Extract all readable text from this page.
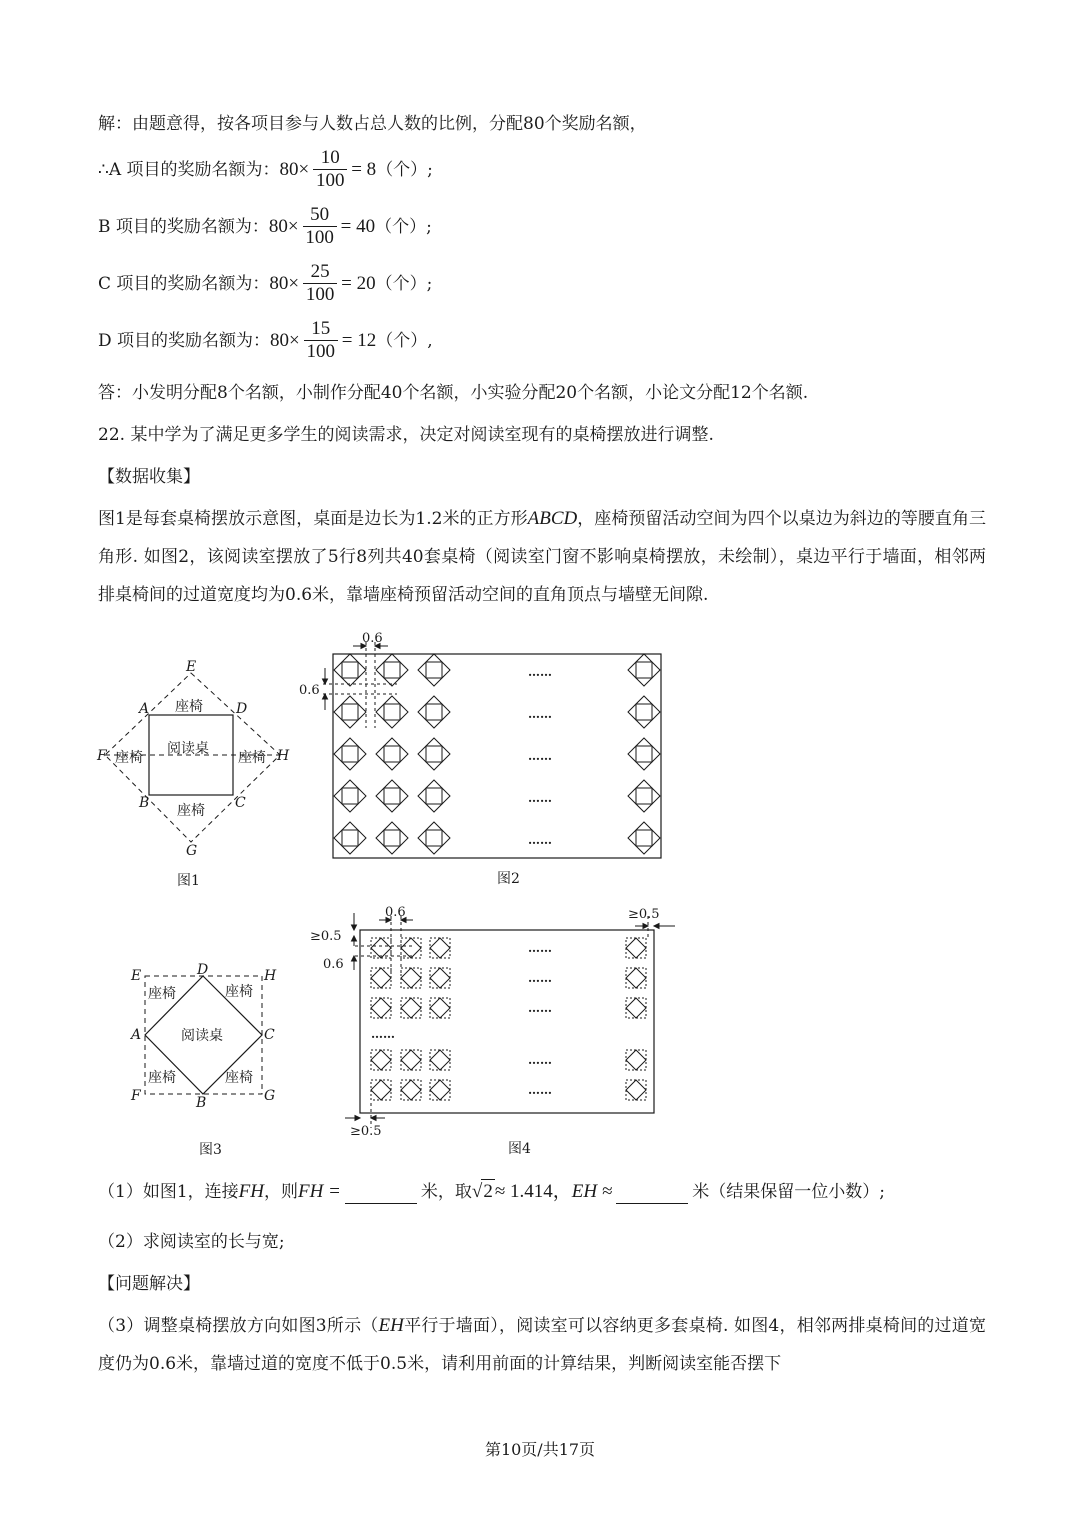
解：由题意得，按各项目参与人数占总人数的比例，分配80个奖励名额，
∴A 项目的奖励名额为： $80\times \frac{10}{100} = 8$ （个）;
B 项目的奖励名额为： $80\times \frac{50}{100} = 40$ （个）;
C 项目的奖励名额为： $80\times \frac{25}{100} = 20$ （个）;
D 项目的奖励名额为： $80\times \frac{15}{100} = 12$ （个）,
答：小发明分配8个名额，小制作分配40个名额，小实验分配20个名额，小论文分配12个名额.
22. 某中学为了满足更多学生的阅读需求，决定对阅读室现有的桌椅摆放进行调整.
【数据收集】
图1是每套桌椅摆放示意图，桌面是边长为1.2米的正方形ABCD，座椅预留活动空间为四个以桌边为斜边的等腰直角三角形. 如图2，该阅读室摆放了5行8列共40套桌椅（阅读室门窗不影响桌椅摆放，未绘制），桌边平行于墙面，相邻两排桌椅间的过道宽度均为0.6米，靠墙座椅预留活动空间的直角顶点与墙壁无间隙.
E
A	D
F	H
B	C
G
座椅
座椅	座椅
座椅
阅读桌
图1
0.6
0.6
……
……
……
……
……
图2
E	D	H
A	C
F	B	G
座椅	座椅
座椅	座椅
阅读桌
图3
0.6	≥0.5
≥0.5
0.6
≥0.5
……
……
……
……
……
……
图4
（1）如图1，连接FH，则FH =	米，取√2 ≈ 1.414，EH ≈	米（结果保留一位小数）;
（2）求阅读室的长与宽;
【问题解决】
（3）调整桌椅摆放方向如图3所示（EH平行于墙面），阅读室可以容纳更多套桌椅. 如图4，相邻两排桌椅间的过道宽度仍为0.6米，靠墙过道的宽度不低于0.5米，请利用前面的计算结果，判断阅读室能否摆下
第10页/共17页
